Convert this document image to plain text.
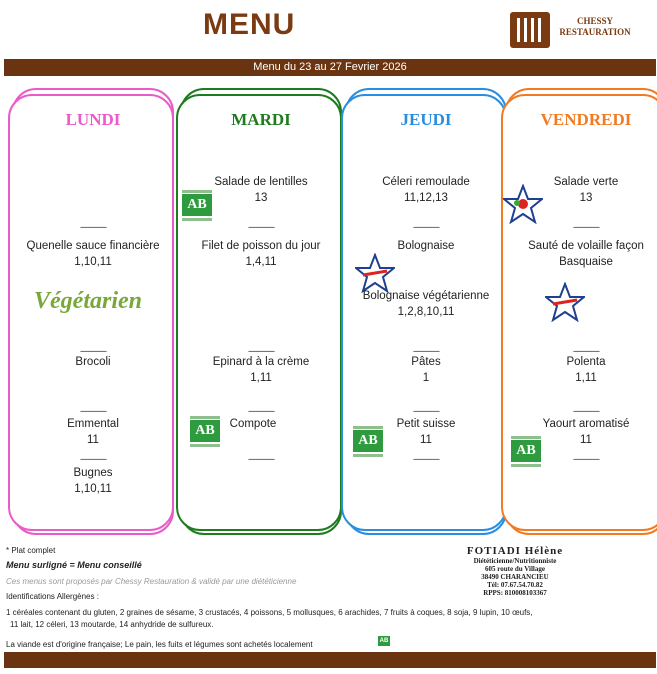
MENU	CHESSY
RESTAURATION
Menu du 23 au 27 Fevrier 2026
LUNDI
-------------
Quenelle sauce financière
1,10,11
Végétarien
-------------
Brocoli
-------------
Emmental
11
-------------
Bugnes
1,10,11
MARDI
Salade de lentilles
13
AB
-------------
Filet de poisson du jour
1,4,11
-------------
Epinard à la crème
1,11
-------------
AB	Compote
-------------
JEUDI
Céleri remoulade
11,12,13
-------------
Bolognaise
Bolognaise végétarienne
1,2,8,10,11
-------------
Pâtes
1
-------------
AB
Petit suisse
11
-------------
VENDREDI
Salade verte
13
-------------
Sauté de volaille façon
Basquaise
-------------
Polenta
1,11
-------------
Yaourt aromatisé
11
AB
-------------
* Plat complet
Menu surligné = Menu conseillé
Ces menus sont proposés par Chessy Restauration & validé par une diététicienne
Identifications Allergènes :
1 céréales contenant du gluten, 2 graines de sésame, 3 crustacés, 4 poissons, 5 mollusques, 6 arachides, 7 fruits à coques, 8 soja, 9 lupin, 10 œufs,
11 lait, 12 céleri, 13 moutarde, 14 anhydride de sulfureux.
La viande est d'origine française; Le pain, les fuits et légumes sont achetés localement	AB
FOTIADI Hélène
Diététicienne/Nutritionniste
605 route du Village
38490 CHARANCIEU
Tél: 07.67.54.70.82
RPPS: 810008103367
